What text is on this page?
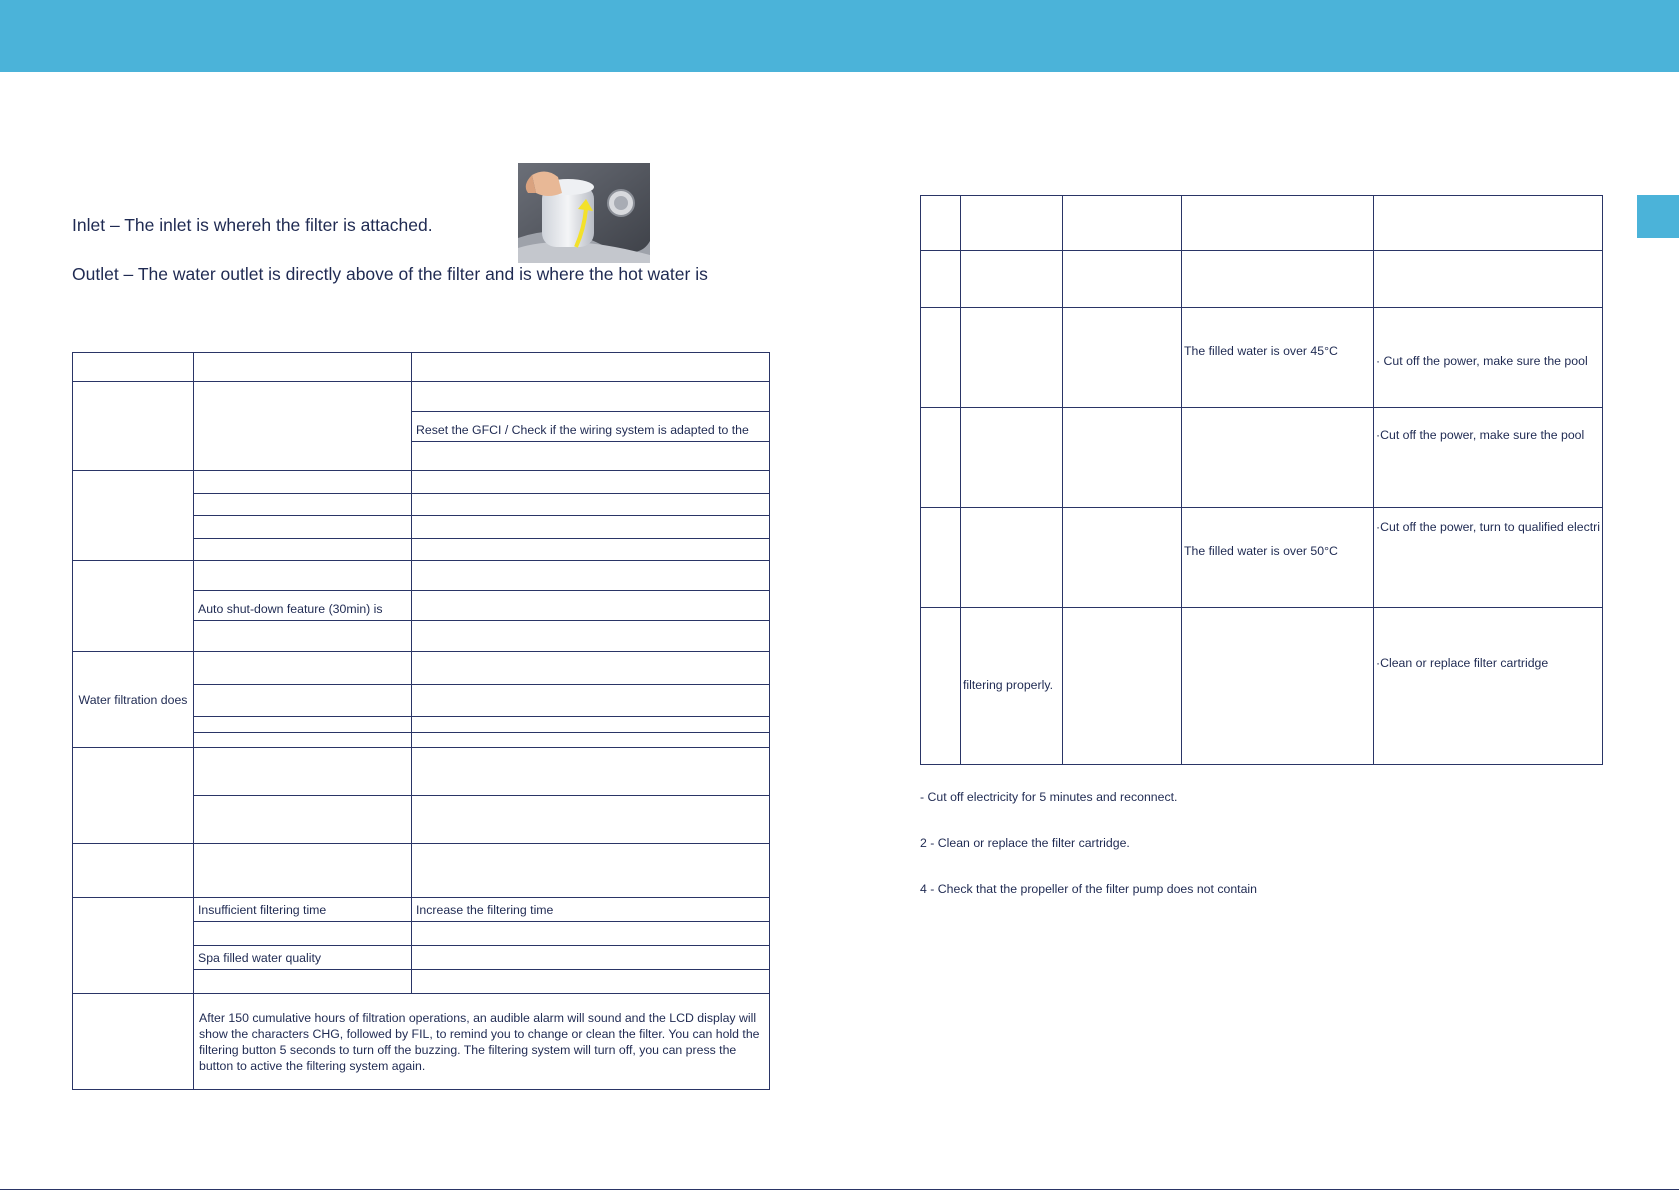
Inlet – The inlet is whereh the filter is attached.
Outlet – The water outlet is directly above of the filter and is where the hot water is

		Reset the GFCI / Check if the wiring system is adapted to the

	Auto shut-down feature (30min) is	

Water filtration does		

	Insufficient filtering time	Increase the filtering time

	Spa filled water quality	

	After 150 cumulative hours of filtration operations, an audible alarm will sound and the LCD display will show the characters CHG, followed by FIL, to remind you to change or clean the filter. You can hold the filtering button 5 seconds to turn off the buzzing. The filtering system will turn off, you can press the button to active the filtering system again.	

			The filled water is over 45°C	· Cut off the power, make sure the pool
				·Cut off the power, make sure the pool
			The filled water is over 50°C	·Cut off the power, turn to qualified electri
	filtering properly.			·Clean or replace filter cartridge
- Cut off electricity for 5 minutes and reconnect.
2 - Clean or replace the filter cartridge.
4 - Check that the propeller of the filter pump does not contain
